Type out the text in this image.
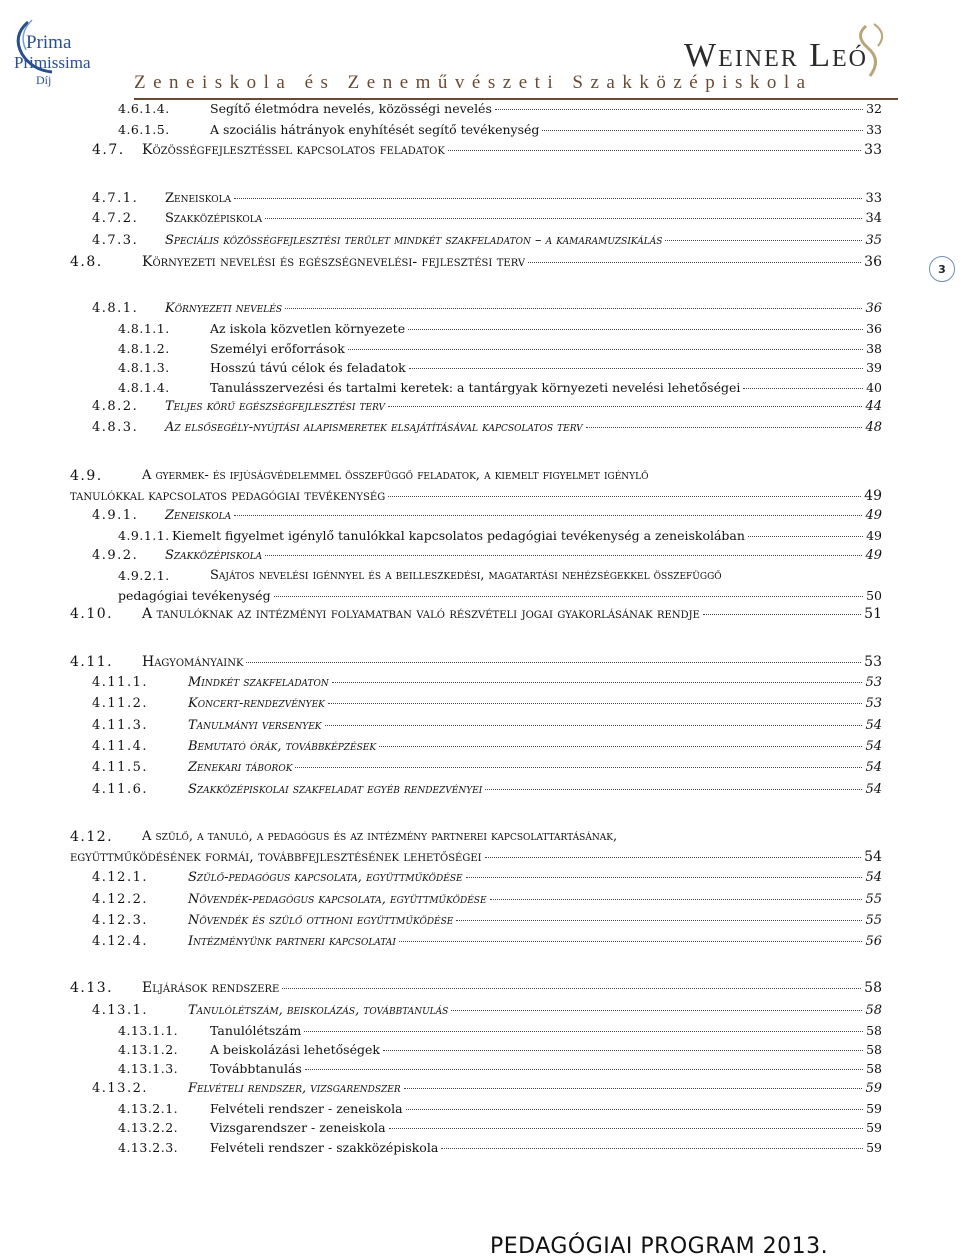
Prima
Primissima
Díj
Weiner Leó
Zeneiskola és Zeneművészeti Szakközépiskola
3
4.6.1.4.	Segítő életmódra nevelés, közösségi nevelés	32
4.6.1.5.	A szociális hátrányok enyhítését segítő tevékenység	33
4.7. Közösségfejlesztéssel kapcsolatos feladatok	33
4.7.1. Zeneiskola	33
4.7.2. Szakközépiskola	34
4.7.3. Speciális közösségfejlesztési terület mindkét szakfeladaton – a kamaramuzsikálás	35
4.8.	Környezeti nevelési és egészségnevelési- fejlesztési terv	36
4.8.1. Környezeti nevelés	36
4.8.1.1.	Az iskola közvetlen környezete	36
4.8.1.2.	Személyi erőforrások	38
4.8.1.3.	Hosszú távú célok és feladatok	39
4.8.1.4.	Tanulásszervezési és tartalmi keretek: a tantárgyak környezeti nevelési lehetőségei	40
4.8.2. Teljes körű egészségfejlesztési terv	44
4.8.3. Az elsősegély-nyújtási alapismeretek elsajátításával kapcsolatos terv	48
4.9.	A gyermek- és ifjúságvédelemmel összefüggő feladatok, a kiemelt figyelmet igénylő
tanulókkal kapcsolatos pedagógiai tevékenység	49
4.9.1. Zeneiskola	49
4.9.1.1. Kiemelt figyelmet igénylő tanulókkal kapcsolatos pedagógiai tevékenység a zeneiskolában	49
4.9.2. Szakközépiskola	49
4.9.2.1.	Sajátos nevelési igénnyel és a beilleszkedési, magatartási nehézségekkel összefüggő
pedagógiai tevékenység	50
4.10. A tanulóknak az intézményi folyamatban való részvételi jogai gyakorlásának rendje	51
4.11. Hagyományaink	53
4.11.1.	Mindkét szakfeladaton	53
4.11.2.	Koncert-rendezvények	53
4.11.3.	Tanulmányi versenyek	54
4.11.4.	Bemutató órák, továbbképzések	54
4.11.5.	Zenekari táborok	54
4.11.6.	Szakközépiskolai szakfeladat egyéb rendezvényei	54
4.12. A szülő, a tanuló, a pedagógus és az intézmény partnerei kapcsolattartásának,
együttműködésének formái, továbbfejlesztésének lehetőségei	54
4.12.1.	Szülő-pedagógus kapcsolata, együttműködése	54
4.12.2.	Növendék-pedagógus kapcsolata, együttműködése	55
4.12.3.	Növendék és szülő otthoni együttműködése	55
4.12.4.	Intézményünk partneri kapcsolatai	56
4.13. Eljárások rendszere	58
4.13.1.	Tanulólétszám, beiskolázás, továbbtanulás	58
4.13.1.1.	Tanulólétszám	58
4.13.1.2.	A beiskolázási lehetőségek	58
4.13.1.3.	Továbbtanulás	58
4.13.2.	Felvételi rendszer, vizsgarendszer	59
4.13.2.1.	Felvételi rendszer - zeneiskola	59
4.13.2.2.	Vizsgarendszer - zeneiskola	59
4.13.2.3.	Felvételi rendszer - szakközépiskola	59
PEDAGÓGIAI PROGRAM 2013.
